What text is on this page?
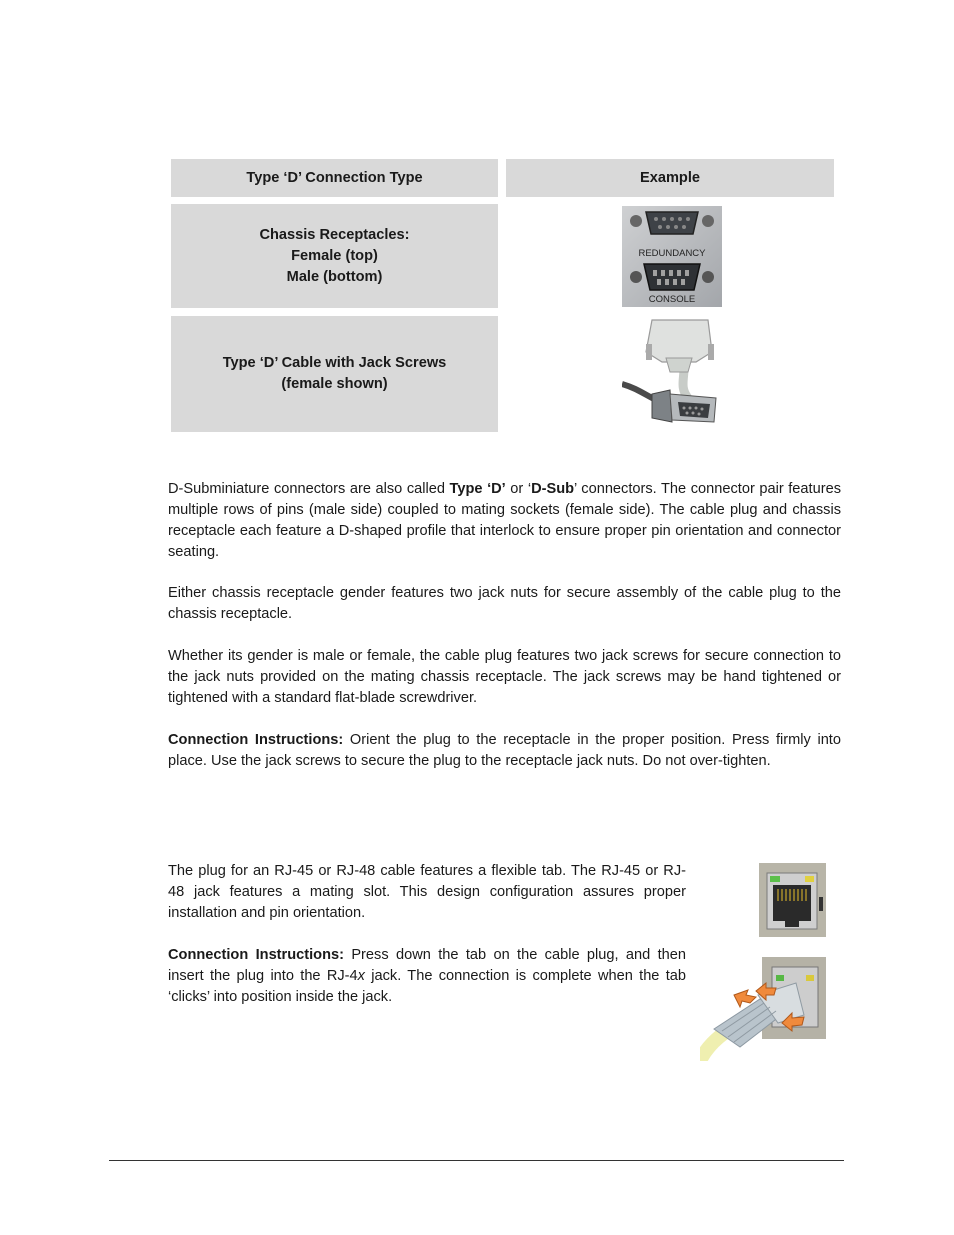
Type ‘D’ Connection Type	Example
Chassis Receptacles:
Female (top)
Male (bottom)
Type ‘D’ Cable with Jack Screws
(female shown)
REDUNDANCY
CONSOLE

D-Subminiature connectors are also called Type ‘D’ or ‘D-Sub’ connectors. The connector pair features multiple rows of pins (male side) coupled to mating sockets (female side). The cable plug and chassis receptacle each feature a D-shaped profile that interlock to ensure proper pin orientation and connector seating.

Either chassis receptacle gender features two jack nuts for secure assembly of the cable plug to the chassis receptacle.

Whether its gender is male or female, the cable plug features two jack screws for secure connection to the jack nuts provided on the mating chassis receptacle. The jack screws may be hand tightened or tightened with a standard flat-blade screwdriver.

Connection Instructions: Orient the plug to the receptacle in the proper position. Press firmly into place. Use the jack screws to secure the plug to the receptacle jack nuts. Do not over-tighten.

The plug for an RJ-45 or RJ-48 cable features a flexible tab. The RJ-45 or RJ-48 jack features a mating slot. This design configuration assures proper installation and pin orientation.

Connection Instructions: Press down the tab on the cable plug, and then insert the plug into the RJ-4x jack. The connection is complete when the tab ‘clicks’ into position inside the jack.
